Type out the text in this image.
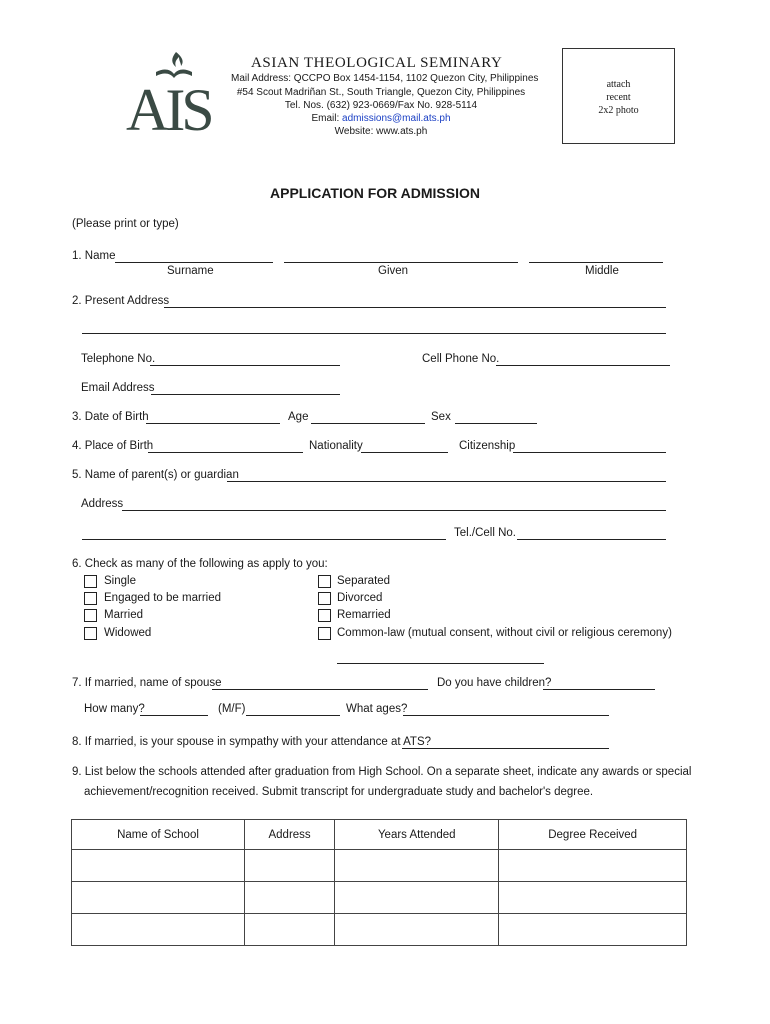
AIS
ASIAN THEOLOGICAL SEMINARY
Mail Address: QCCPO Box 1454-1154, 1102 Quezon City, Philippines
#54 Scout Madriñan St., South Triangle, Quezon City, Philippines
Tel. Nos. (632) 923-0669/Fax No. 928-5114
Email: admissions@mail.ats.ph
Website: www.ats.ph
attach
recent
2x2 photo
APPLICATION FOR ADMISSION
(Please print or type)
1. Name
Surname	Given	Middle
2. Present Address
Telephone No.	Cell Phone No.
Email Address
3. Date of Birth	Age	Sex
4. Place of Birth	Nationality	Citizenship
5. Name of parent(s) or guardian
Address
Tel./Cell No.
6. Check as many of the following as apply to you:
Single
Engaged to be married
Married
Widowed
Separated
Divorced
Remarried
Common-law (mutual consent, without civil or religious ceremony)
7. If married, name of spouse	Do you have children?
How many?	(M/F)	What ages?
8. If married, is your spouse in sympathy with your attendance at ATS?
9. List below the schools attended after graduation from High School. On a separate sheet, indicate any awards or special
achievement/recognition received. Submit transcript for undergraduate study and bachelor's degree.
Name of School	Address	Years Attended	Degree Received
